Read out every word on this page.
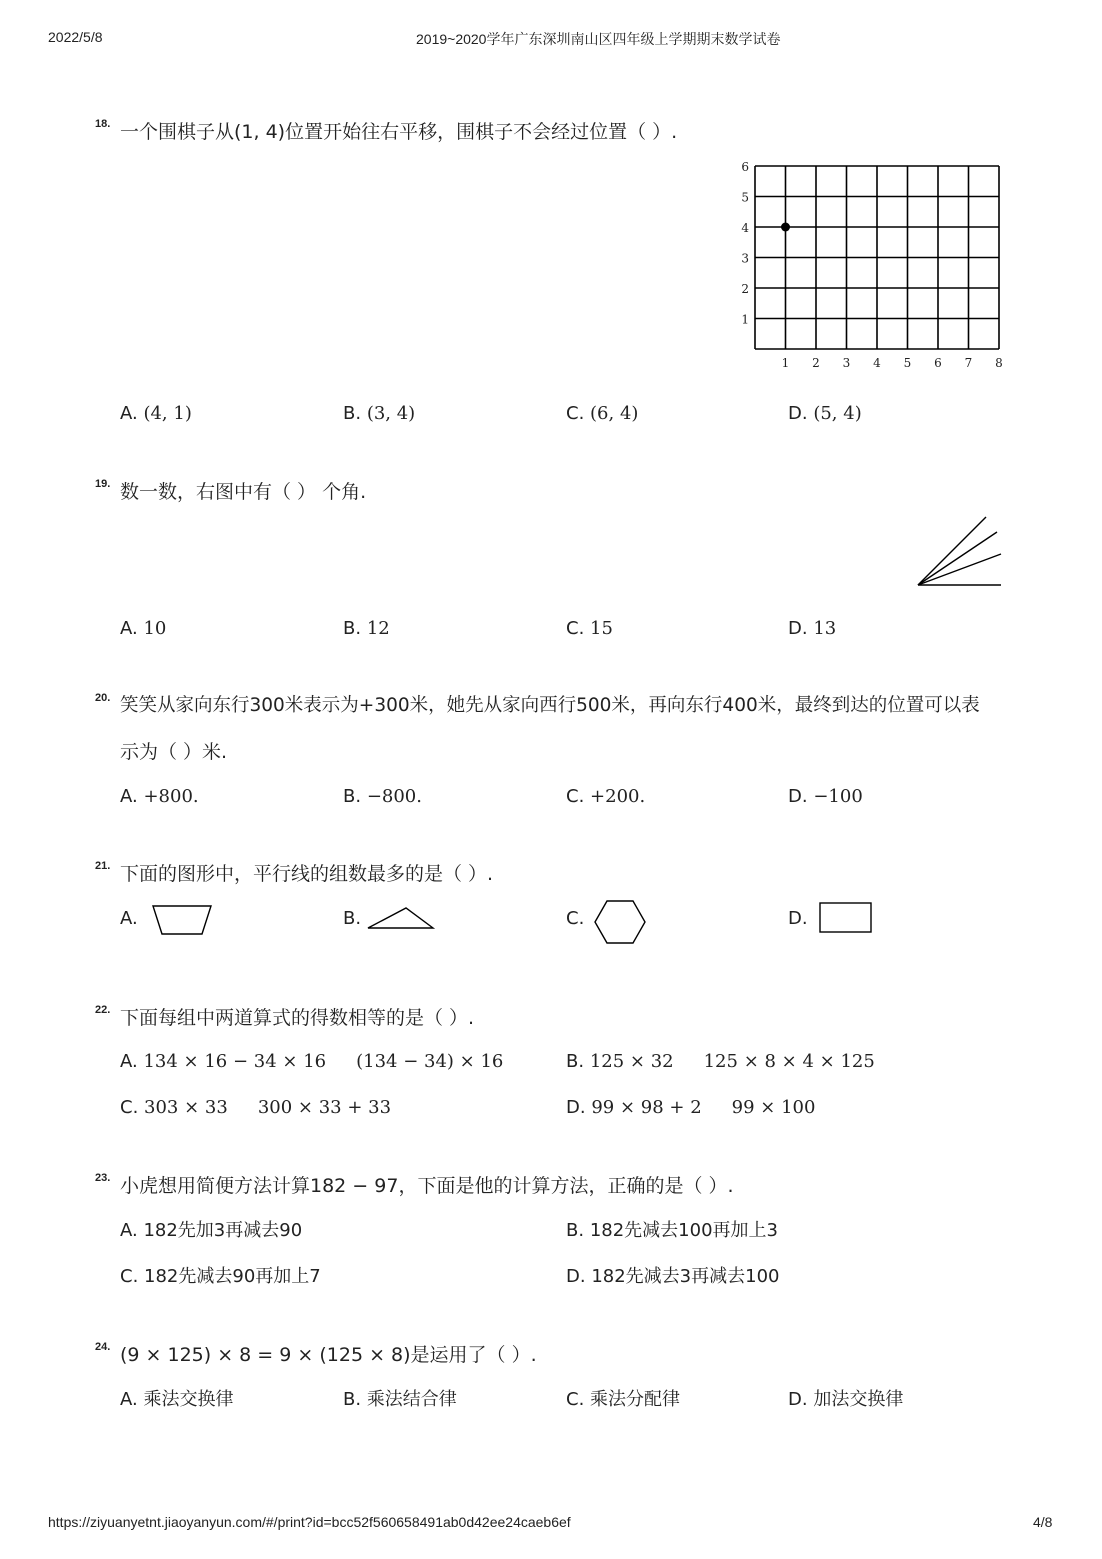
2022/5/8	2019~2020学年广东深圳南山区四年级上学期期末数学试卷
18. 一个围棋子从(1, 4)位置开始往右平移，围棋子不会经过位置（ ）.
1 2 3 4 5 6 7 8
1
2
3
4
5
6
A. (4, 1)	B. (3, 4)	C. (6, 4)	D. (5, 4)
19. 数一数，右图中有（ ） 个角.
A. 10	B. 12	C. 15	D. 13
20. 笑笑从家向东行300米表示为+300米，她先从家向西行500米，再向东行400米，最终到达的位置可以表
示为（ ）米.
A. +800.	B. −800.	C. +200.	D. −100
21. 下面的图形中，平行线的组数最多的是（ ）.
A.	B.	C.	D.
22. 下面每组中两道算式的得数相等的是（ ）.
A. 134 × 16 − 34 × 16 (134 − 34) × 16	B. 125 × 32 125 × 8 × 4 × 125
C. 303 × 33 300 × 33 + 33	D. 99 × 98 + 2 99 × 100
23. 小虎想用简便方法计算182 − 97，下面是他的计算方法，正确的是（ ）.
A. 182先加3再减去90	B. 182先减去100再加上3
C. 182先减去90再加上7	D. 182先减去3再减去100
24. (9 × 125) × 8 = 9 × (125 × 8)是运用了（ ）.
A. 乘法交换律	B. 乘法结合律	C. 乘法分配律	D. 加法交换律
https://ziyuanyetnt.jiaoyanyun.com/#/print?id=bcc52f560658491ab0d42ee24caeb6ef	4/8
